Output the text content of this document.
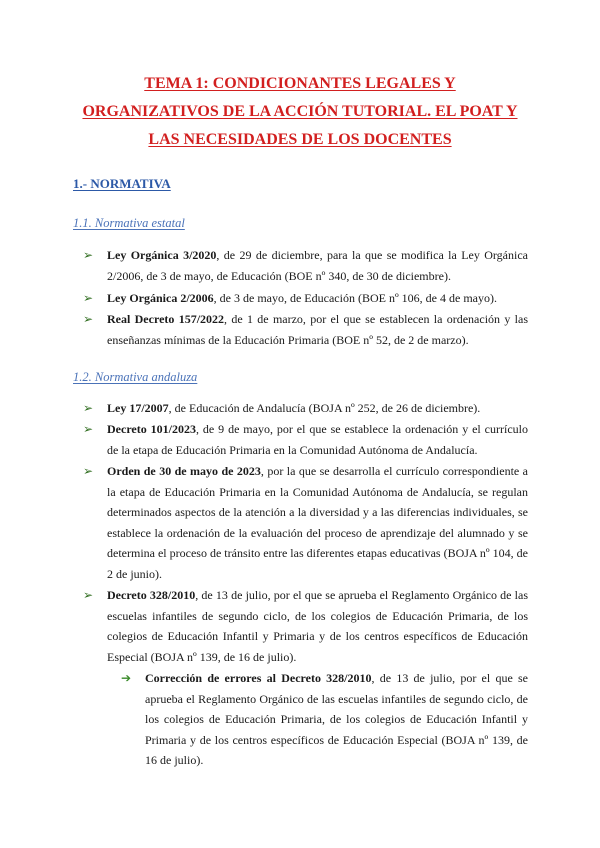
TEMA 1: CONDICIONANTES LEGALES Y
ORGANIZATIVOS DE LA ACCIÓN TUTORIAL. EL POAT Y
LAS NECESIDADES DE LOS DOCENTES
1.- NORMATIVA
1.1. Normativa estatal
➢ Ley Orgánica 3/2020, de 29 de diciembre, para la que se modifica la Ley Orgánica 2/2006, de 3 de mayo, de Educación (BOE nº 340, de 30 de diciembre).
➢ Ley Orgánica 2/2006, de 3 de mayo, de Educación (BOE nº 106, de 4 de mayo).
➢ Real Decreto 157/2022, de 1 de marzo, por el que se establecen la ordenación y las enseñanzas mínimas de la Educación Primaria (BOE nº 52, de 2 de marzo).
1.2. Normativa andaluza
➢ Ley 17/2007, de Educación de Andalucía (BOJA nº 252, de 26 de diciembre).
➢ Decreto 101/2023, de 9 de mayo, por el que se establece la ordenación y el currículo de la etapa de Educación Primaria en la Comunidad Autónoma de Andalucía.
➢ Orden de 30 de mayo de 2023, por la que se desarrolla el currículo correspondiente a la etapa de Educación Primaria en la Comunidad Autónoma de Andalucía, se regulan determinados aspectos de la atención a la diversidad y a las diferencias individuales, se establece la ordenación de la evaluación del proceso de aprendizaje del alumnado y se determina el proceso de tránsito entre las diferentes etapas educativas (BOJA nº 104, de 2 de junio).
➢ Decreto 328/2010, de 13 de julio, por el que se aprueba el Reglamento Orgánico de las escuelas infantiles de segundo ciclo, de los colegios de Educación Primaria, de los colegios de Educación Infantil y Primaria y de los centros específicos de Educación Especial (BOJA nº 139, de 16 de julio).
➔ Corrección de errores al Decreto 328/2010, de 13 de julio, por el que se aprueba el Reglamento Orgánico de las escuelas infantiles de segundo ciclo, de los colegios de Educación Primaria, de los colegios de Educación Infantil y Primaria y de los centros específicos de Educación Especial (BOJA nº 139, de 16 de julio).
